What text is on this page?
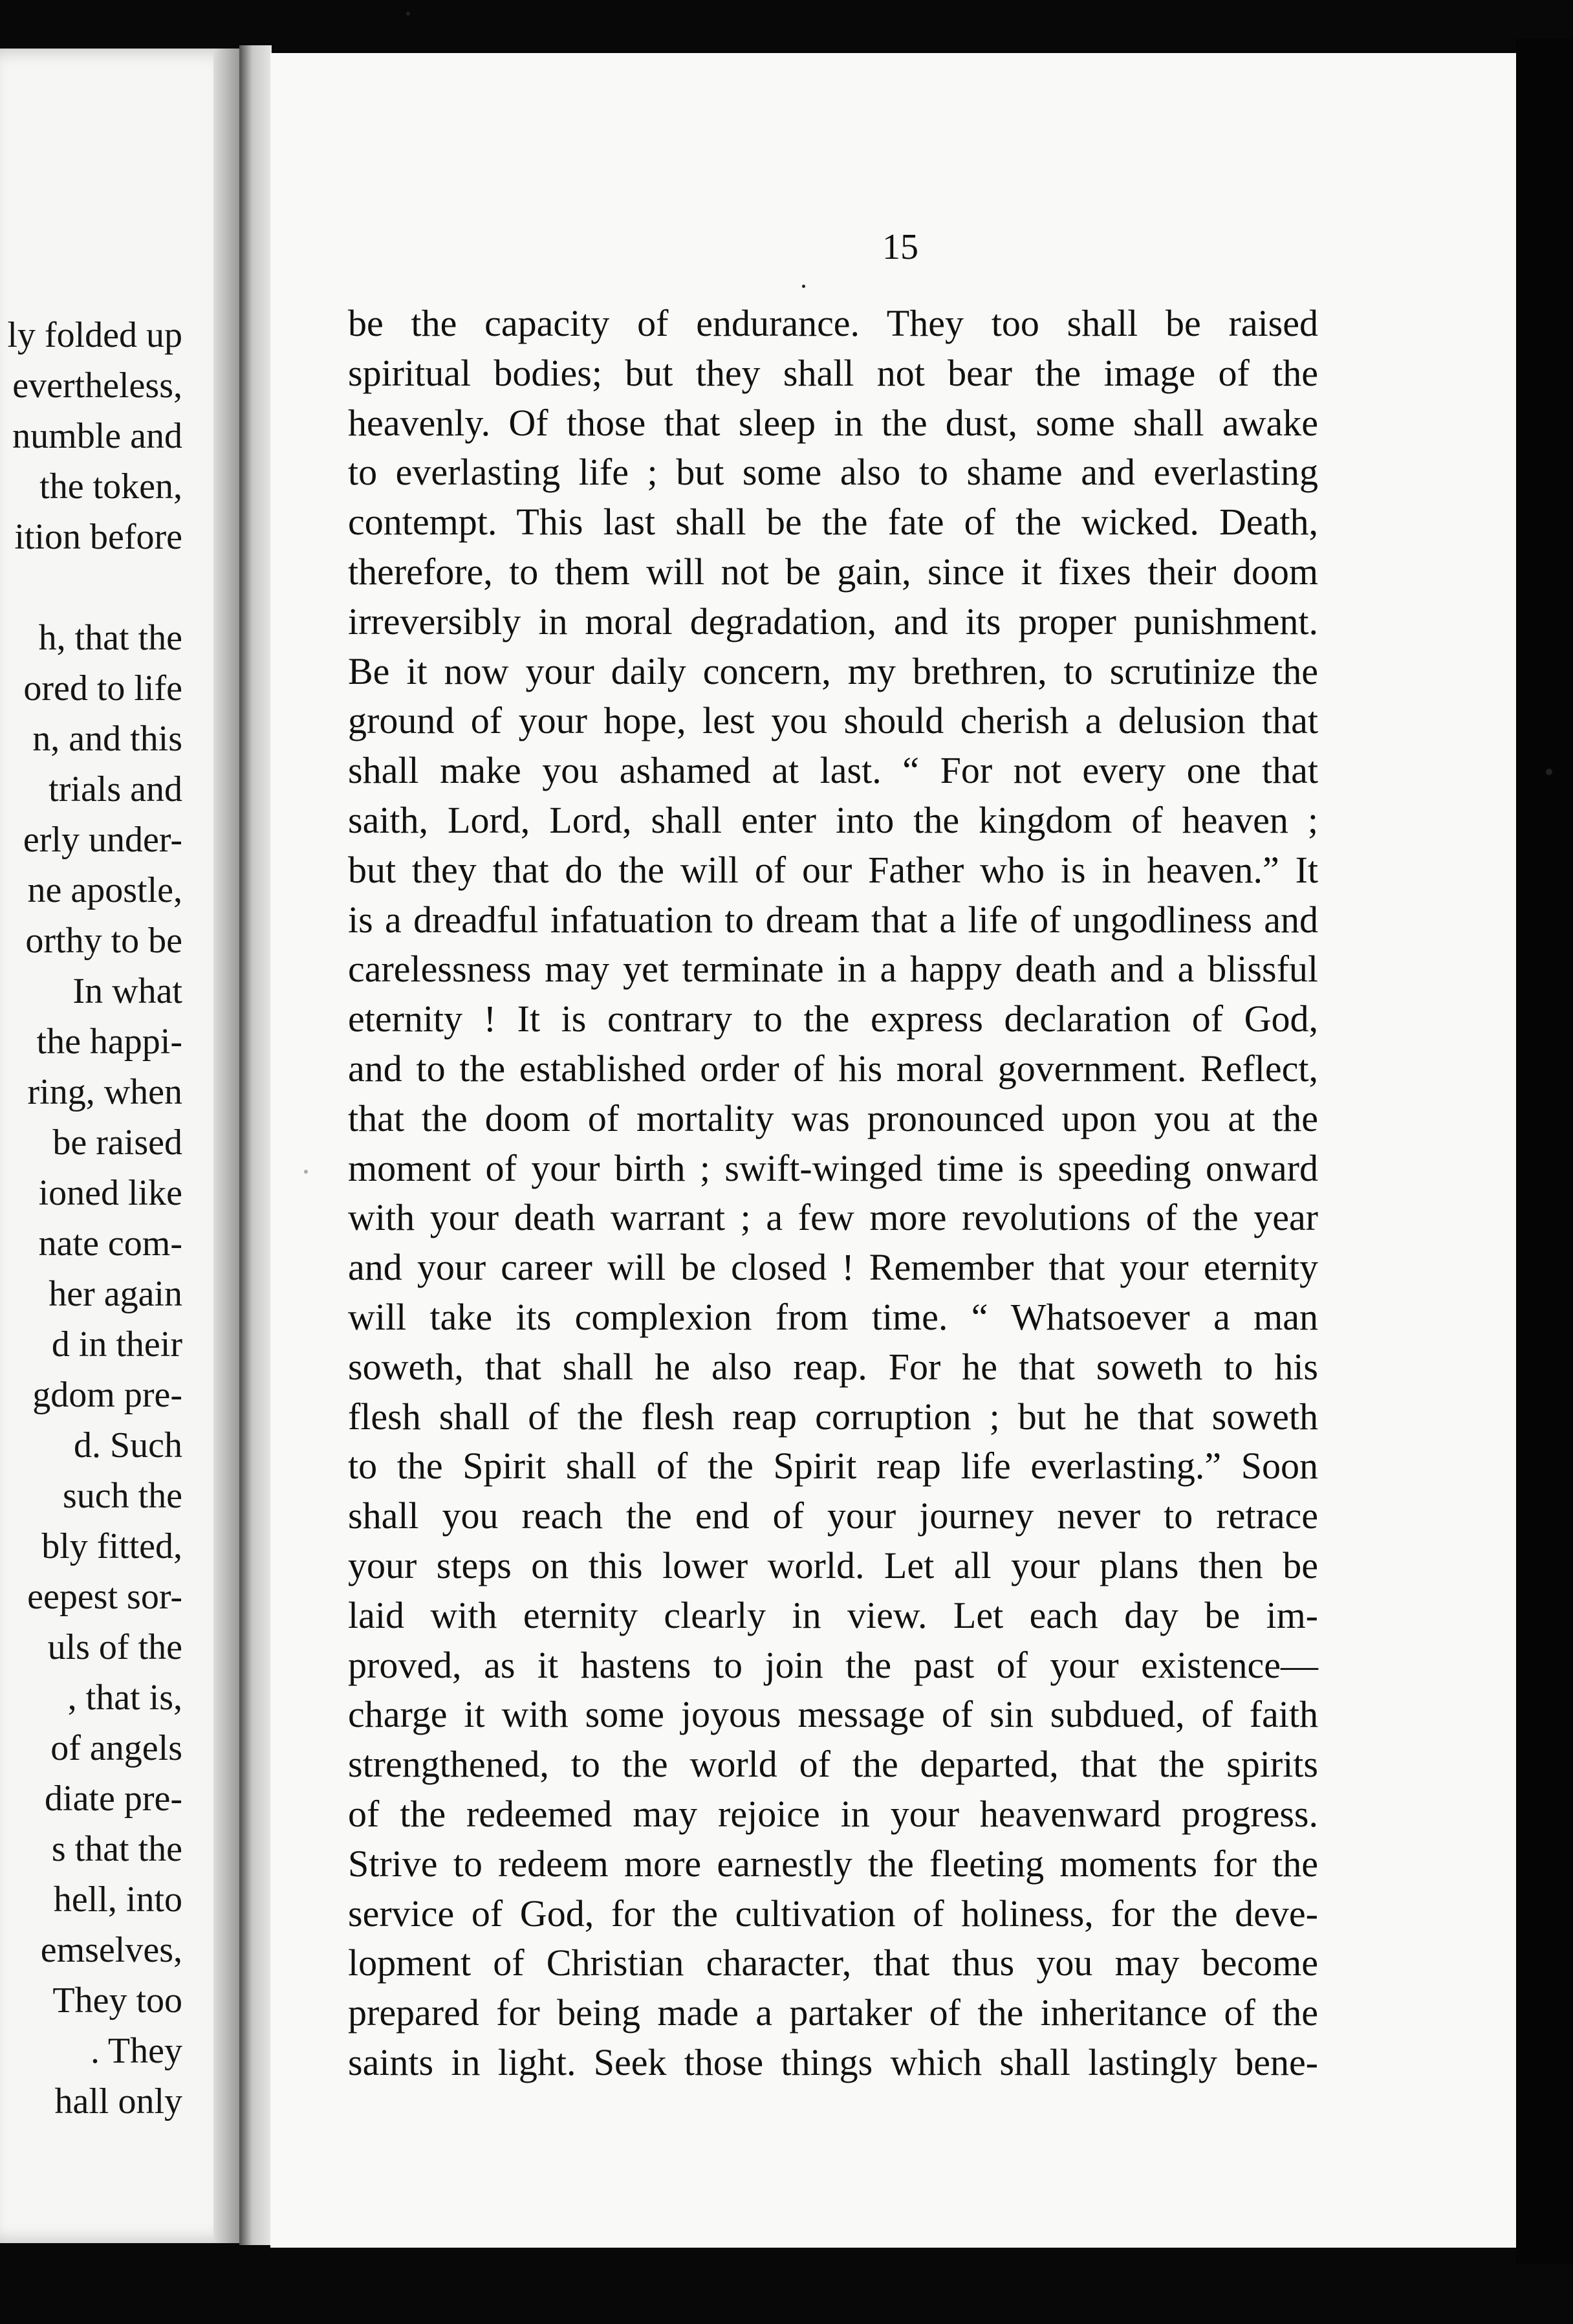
ly folded up
evertheless,
numble and
the token,
ition before
h, that the
ored to life
n, and this
trials and
erly under-
ne apostle,
orthy to be
In what
the happi-
ring, when
be raised
ioned like
nate com-
her again
d in their
gdom pre-
d. Such
such the
bly fitted,
eepest sor-
uls of the
, that is,
of angels
diate pre-
s that the
hell, into
emselves,
They too
. They
hall only
15
be the capacity of endurance. They too shall be raised
spiritual bodies; but they shall not bear the image of the
heavenly. Of those that sleep in the dust, some shall awake
to everlasting life ; but some also to shame and everlasting
contempt. This last shall be the fate of the wicked. Death,
therefore, to them will not be gain, since it fixes their doom
irreversibly in moral degradation, and its proper punishment.
Be it now your daily concern, my brethren, to scrutinize the
ground of your hope, lest you should cherish a delusion that
shall make you ashamed at last. “ For not every one that
saith, Lord, Lord, shall enter into the kingdom of heaven ;
but they that do the will of our Father who is in heaven.” It
is a dreadful infatuation to dream that a life of ungodliness and
carelessness may yet terminate in a happy death and a blissful
eternity ! It is contrary to the express declaration of God,
and to the established order of his moral government. Reflect,
that the doom of mortality was pronounced upon you at the
moment of your birth ; swift-winged time is speeding onward
with your death warrant ; a few more revolutions of the year
and your career will be closed ! Remember that your eternity
will take its complexion from time. “ Whatsoever a man
soweth, that shall he also reap. For he that soweth to his
flesh shall of the flesh reap corruption ; but he that soweth
to the Spirit shall of the Spirit reap life everlasting.” Soon
shall you reach the end of your journey never to retrace
your steps on this lower world. Let all your plans then be
laid with eternity clearly in view. Let each day be im-
proved, as it hastens to join the past of your existence—
charge it with some joyous message of sin subdued, of faith
strengthened, to the world of the departed, that the spirits
of the redeemed may rejoice in your heavenward progress.
Strive to redeem more earnestly the fleeting moments for the
service of God, for the cultivation of holiness, for the deve-
lopment of Christian character, that thus you may become
prepared for being made a partaker of the inheritance of the
saints in light. Seek those things which shall lastingly bene-
